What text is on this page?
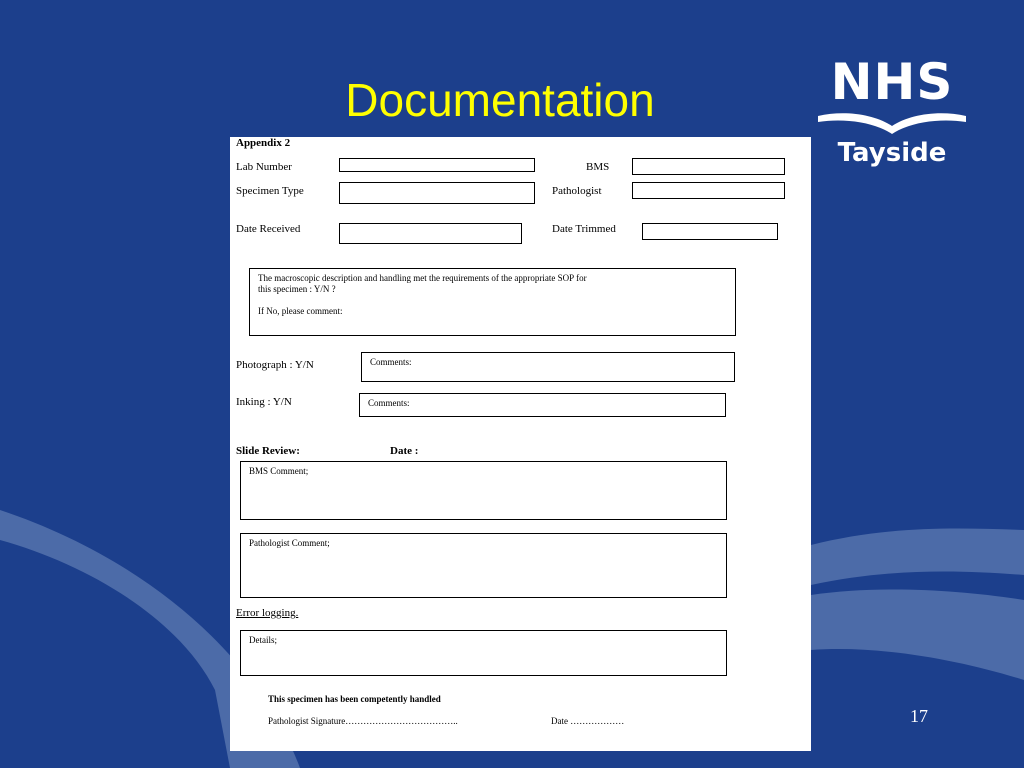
Documentation	NHS
Tayside
Appendix 2
Lab Number	BMS
Specimen Type	Pathologist
Date Received	Date Trimmed
The macroscopic description and handling met the requirements of the appropriate SOP for
this specimen : Y/N ?
If No, please comment:
Photograph : Y/N	Comments:
Inking : Y/N	Comments:
Slide Review:	Date :
BMS Comment;
Pathologist Comment;
Error logging.
Details;
This specimen has been competently handled
Pathologist Signature………………………………..	Date ………………	17
